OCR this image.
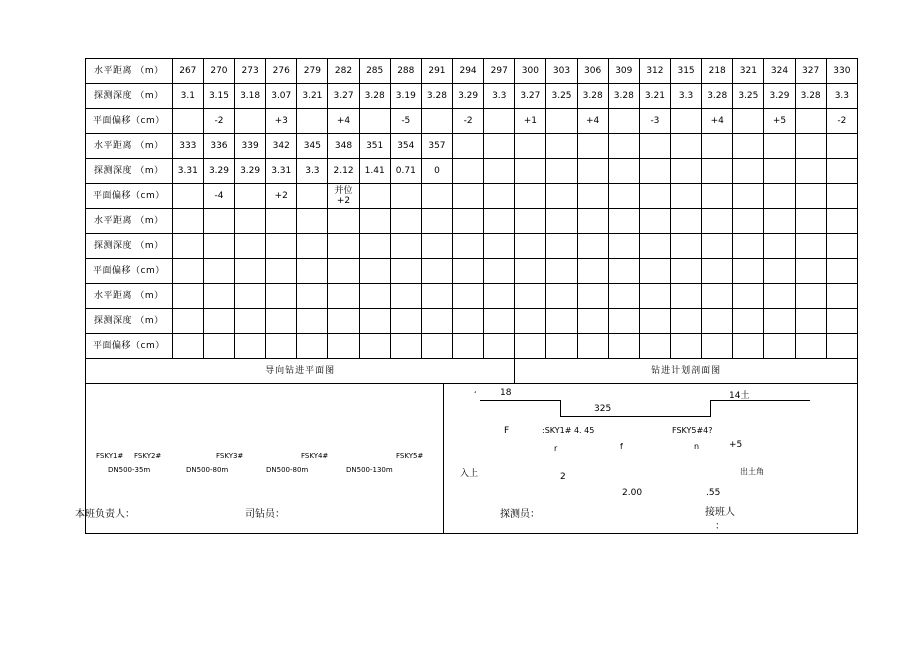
水平距离 （m）	267	270	273	276	279	282	285	288	291	294	297	300	303	306	309	312	315	218	321	324	327	330
探测深度 （m）	3.1	3.15	3.18	3.07	3.21	3.27	3.28	3.19	3.28	3.29	3.3	3.27	3.25	3.28	3.28	3.21	3.3	3.28	3.25	3.29	3.28	3.3
平面偏移（cm）		-2		+3		+4		-5		-2		+1		+4		-3		+4		+5		-2
水平距离 （m）	333	336	339	342	345	348	351	354	357													
探测深度 （m）	3.31	3.29	3.29	3.31	3.3	2.12	1.41	0.71	0													
平面偏移（cm）		-4		+2		并位 +2																
水平距离 （m）																						
探测深度 （m）																						
平面偏移（cm）																						
水平距离 （m）																						
探测深度 （m）																						
平面偏移（cm）																						
导向钻进平面图												钻进计划剖面图										
FSKY1# FSKY2#	FSKY3#	FSKY4#	FSKY5#
DN500-35m	DN500-80m	DN500-80m	DN500-130m
ʻ	18
325
14土
F	:SKY1# 4. 45	FSKY5#4?
+5
r	f	n
入上	出土角
2
2.00	.55
本班负责人：	司钻员：	探测员：	接班人
：
